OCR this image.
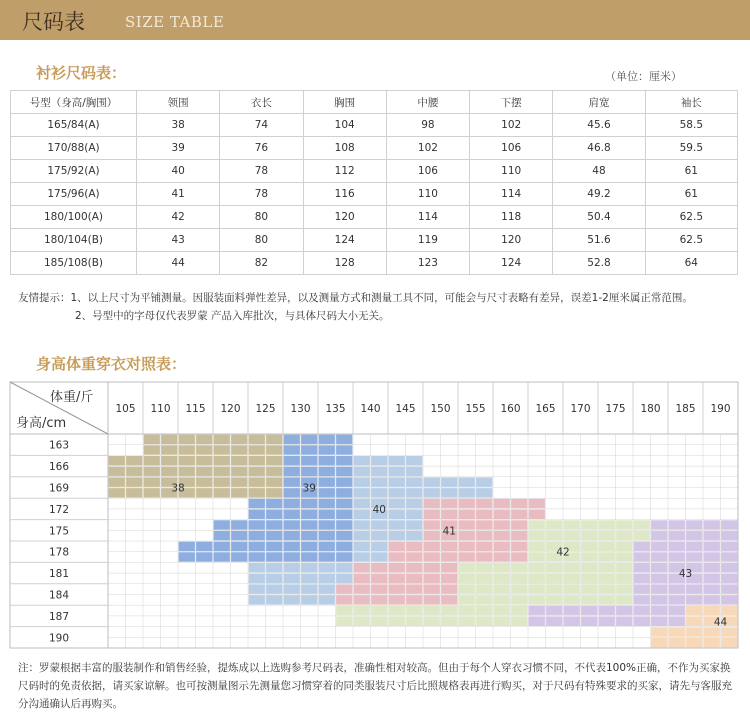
尺码表	SIZE TABLE
衬衫尺码表：	（单位：厘米）
号型（身高/胸围）	领围	衣长	胸围	中腰	下摆	肩宽	袖长
165/84(A)	38	74	104	98	102	45.6	58.5
170/88(A)	39	76	108	102	106	46.8	59.5
175/92(A)	40	78	112	106	110	48	61
175/96(A)	41	78	116	110	114	49.2	61
180/100(A)	42	80	120	114	118	50.4	62.5
180/104(B)	43	80	124	119	120	51.6	62.5
185/108(B)	44	82	128	123	124	52.8	64
友情提示：1、以上尺寸为平铺测量。因服装面料弹性差异，以及测量方式和测量工具不同，可能会与尺寸表略有差异，误差1-2厘米属正常范围。
2、号型中的字母仅代表罗蒙 产品入库批次，与具体尺码大小无关。
身高体重穿衣对照表：
体重/斤
身高/cm
105 110 115 120 125 130 135 140 145 150 155 160 165 170 175 180 185 190
163
166
169
172
175
178
181
184
187
190
38	39
40
41
42
43
44
注：罗蒙根据丰富的服装制作和销售经验，提炼成以上选购参考尺码表，准确性相对较高。但由于每个人穿衣习惯不同，不代表100%正确，不作为买家换尺码时的免责依据，请买家谅解。也可按测量图示先测量您习惯穿着的同类服装尺寸后比照规格表再进行购买，对于尺码有特殊要求的买家，请先与客服充分沟通确认后再购买。
